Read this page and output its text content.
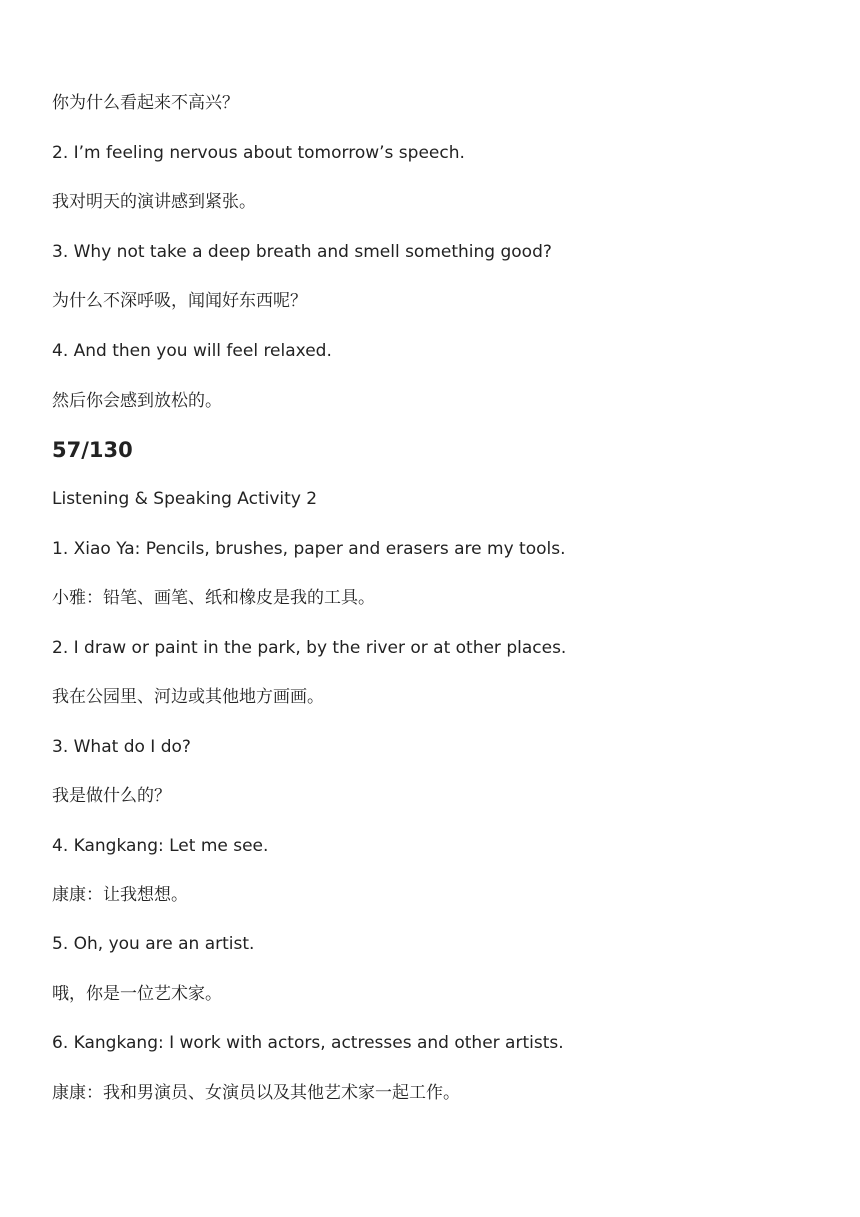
你为什么看起来不高兴？
2. I’m feeling nervous about tomorrow’s speech.
我对明天的演讲感到紧张。
3. Why not take a deep breath and smell something good?
为什么不深呼吸，闻闻好东西呢？
4. And then you will feel relaxed.
然后你会感到放松的。
57/130
Listening & Speaking Activity 2
1. Xiao Ya: Pencils, brushes, paper and erasers are my tools.
小雅：铅笔、画笔、纸和橡皮是我的工具。
2. I draw or paint in the park, by the river or at other places.
我在公园里、河边或其他地方画画。
3. What do I do?
我是做什么的？
4. Kangkang: Let me see.
康康：让我想想。
5. Oh, you are an artist.
哦，你是一位艺术家。
6. Kangkang: I work with actors, actresses and other artists.
康康：我和男演员、女演员以及其他艺术家一起工作。
